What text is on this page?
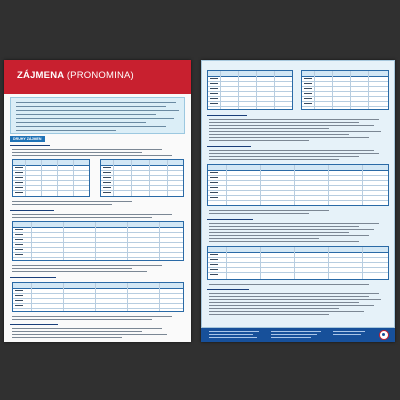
ZÁJMENA (PRONOMINA)
DRUHY ZÁJMEN
